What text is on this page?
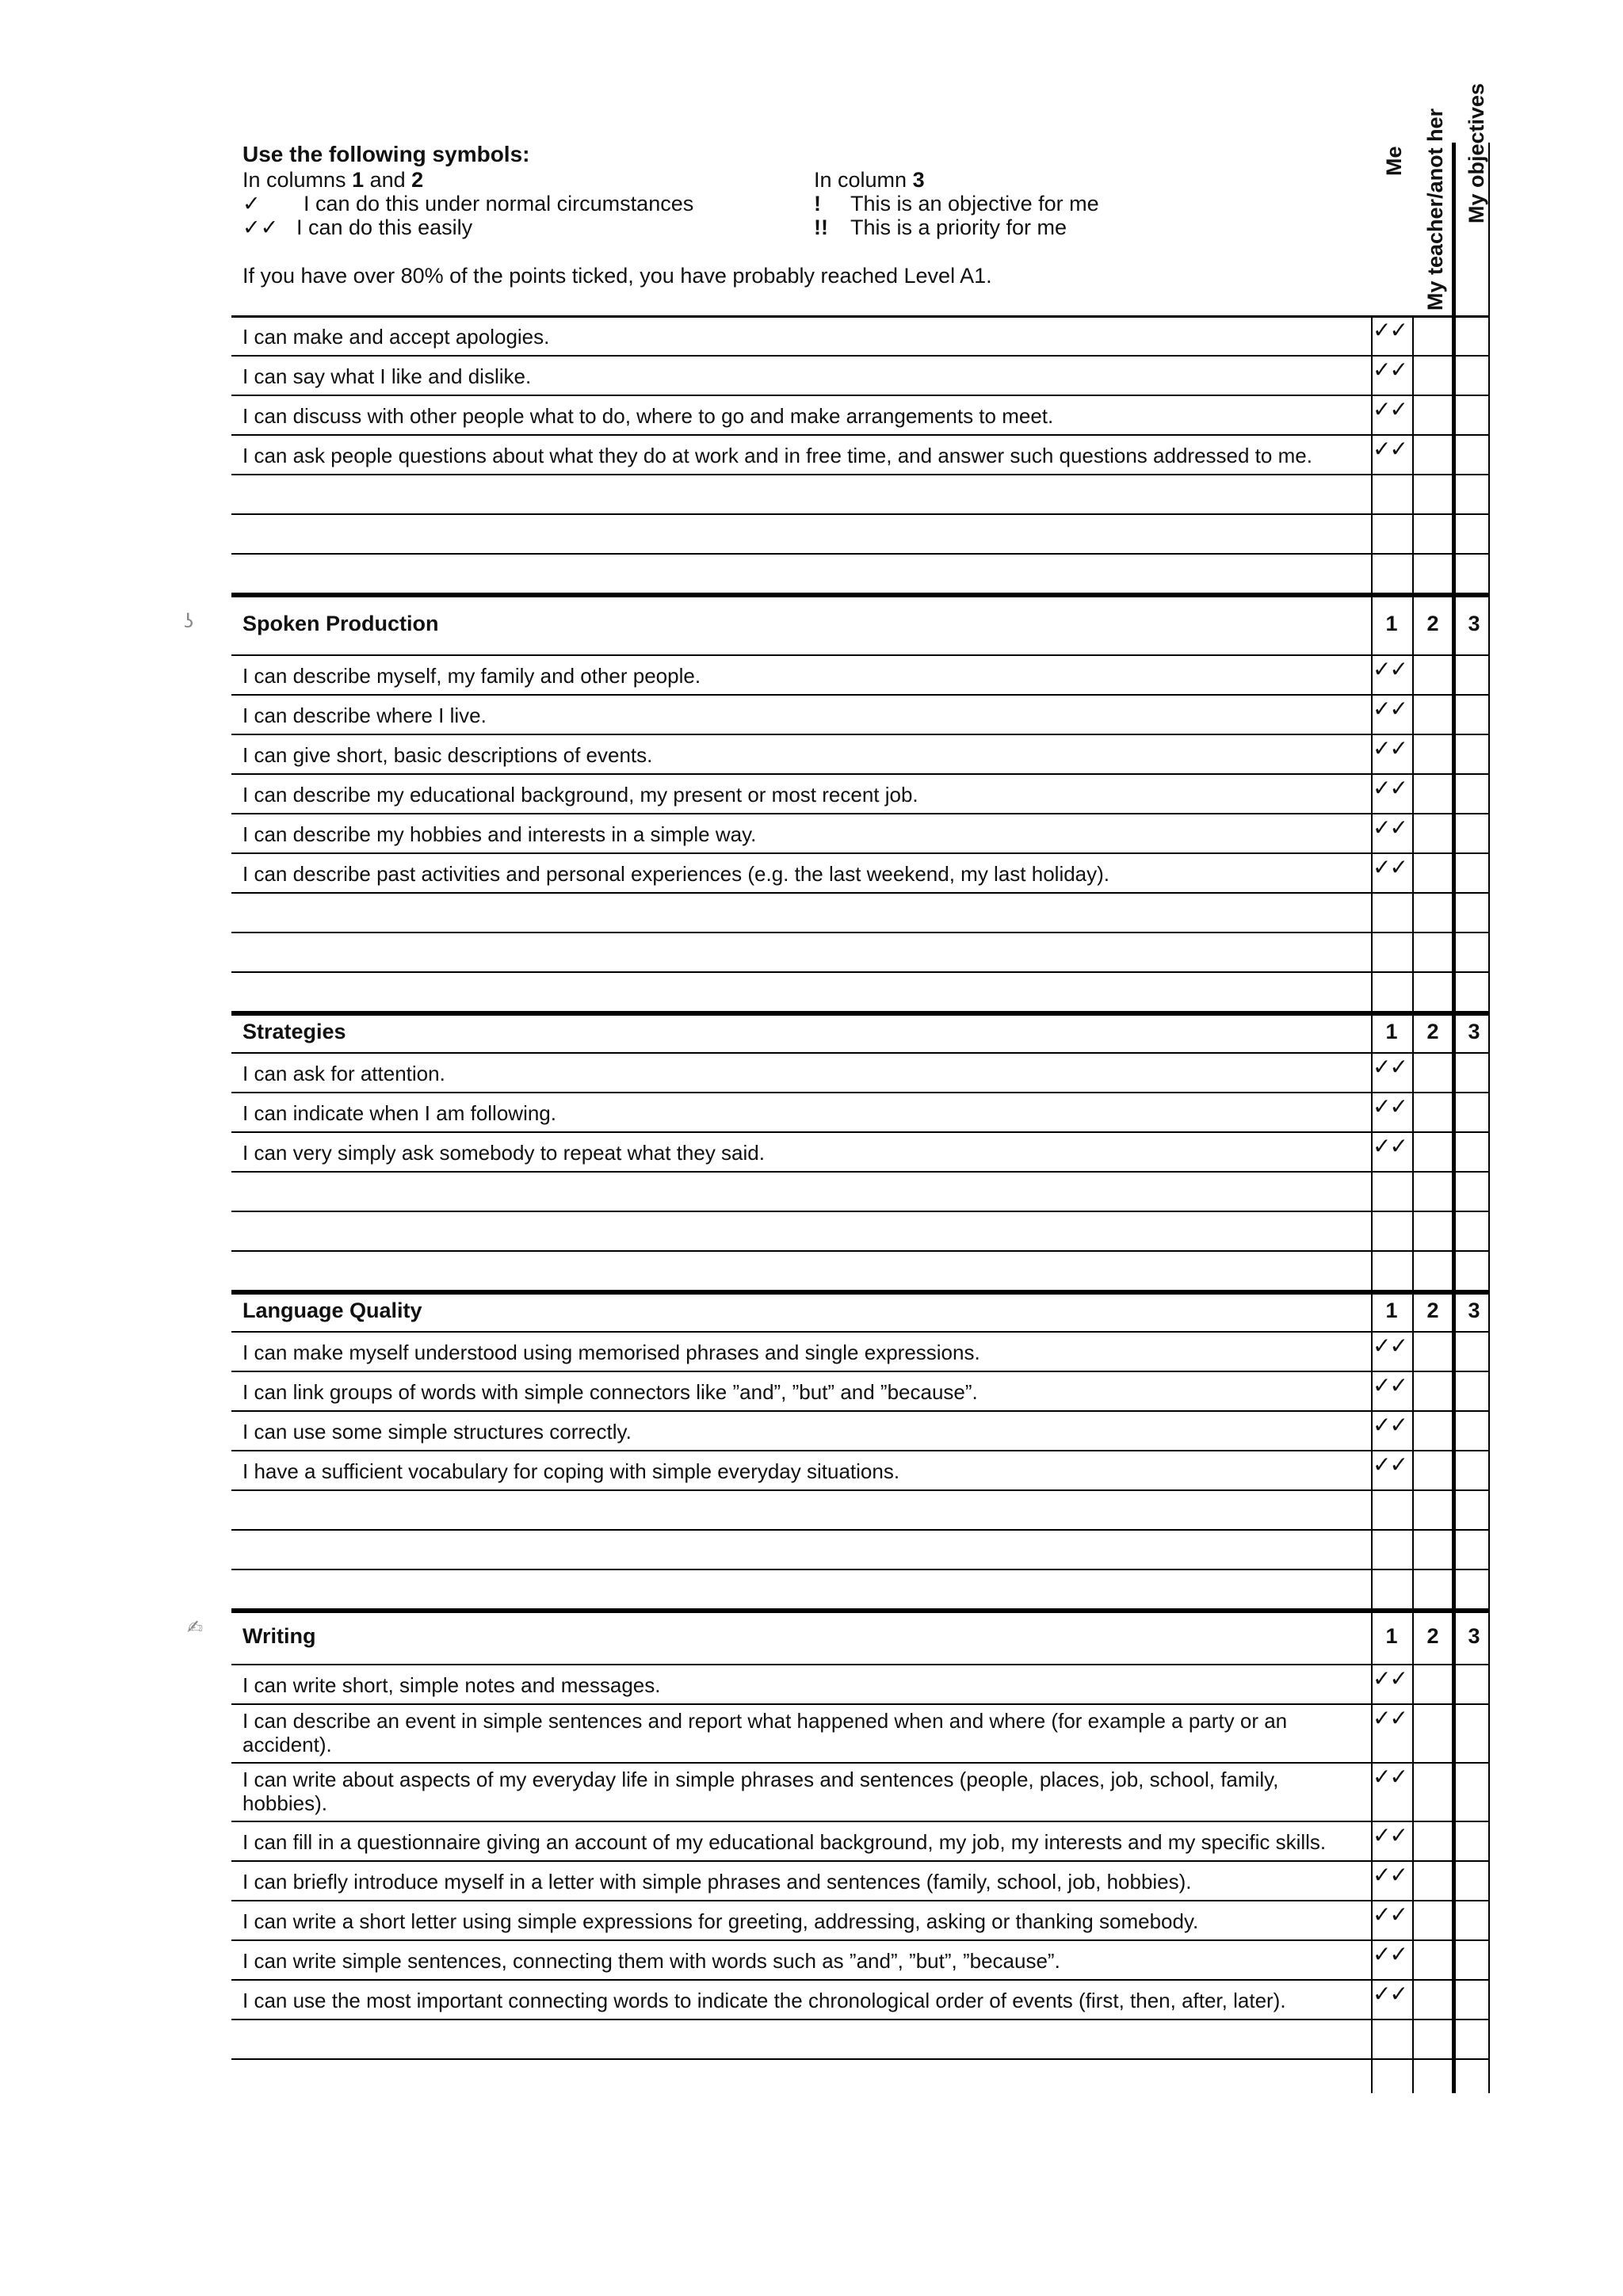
Use the following symbols:
In columns 1 and 2
✓ I can do this under normal circumstances
✓✓ I can do this easily
In column 3
! This is an objective for me
!! This is a priority for me
If you have over 80% of the points ticked, you have probably reached Level A1.
Me My teacher/anot her My objectives
ʖ
✍
I can make and accept apologies.	✓✓
I can say what I like and dislike.	✓✓
I can discuss with other people what to do, where to go and make arrangements to meet.	✓✓
I can ask people questions about what they do at work and in free time, and answer such questions addressed to me.	✓✓
Spoken Production	1	2	3
I can describe myself, my family and other people.	✓✓
I can describe where I live.	✓✓
I can give short, basic descriptions of events.	✓✓
I can describe my educational background, my present or most recent job.	✓✓
I can describe my hobbies and interests in a simple way.	✓✓
I can describe past activities and personal experiences (e.g. the last weekend, my last holiday).	✓✓
Strategies	1	2	3
I can ask for attention.	✓✓
I can indicate when I am following.	✓✓
I can very simply ask somebody to repeat what they said.	✓✓
Language Quality	1	2	3
I can make myself understood using memorised phrases and single expressions.	✓✓
I can link groups of words with simple connectors like ”and”, ”but” and ”because”.	✓✓
I can use some simple structures correctly.	✓✓
I have a sufficient vocabulary for coping with simple everyday situations.	✓✓
Writing	1	2	3
I can write short, simple notes and messages.	✓✓
I can describe an event in simple sentences and report what happened when and where (for example a party or an accident).
✓✓
I can write about aspects of my everyday life in simple phrases and sentences (people, places, job, school, family, hobbies).
✓✓
I can fill in a questionnaire giving an account of my educational background, my job, my interests and my specific skills. ✓✓
I can briefly introduce myself in a letter with simple phrases and sentences (family, school, job, hobbies).	✓✓
I can write a short letter using simple expressions for greeting, addressing, asking or thanking somebody.	✓✓
I can write simple sentences, connecting them with words such as ”and”, ”but”, ”because”.	✓✓
I can use the most important connecting words to indicate the chronological order of events (first, then, after, later).	✓✓
